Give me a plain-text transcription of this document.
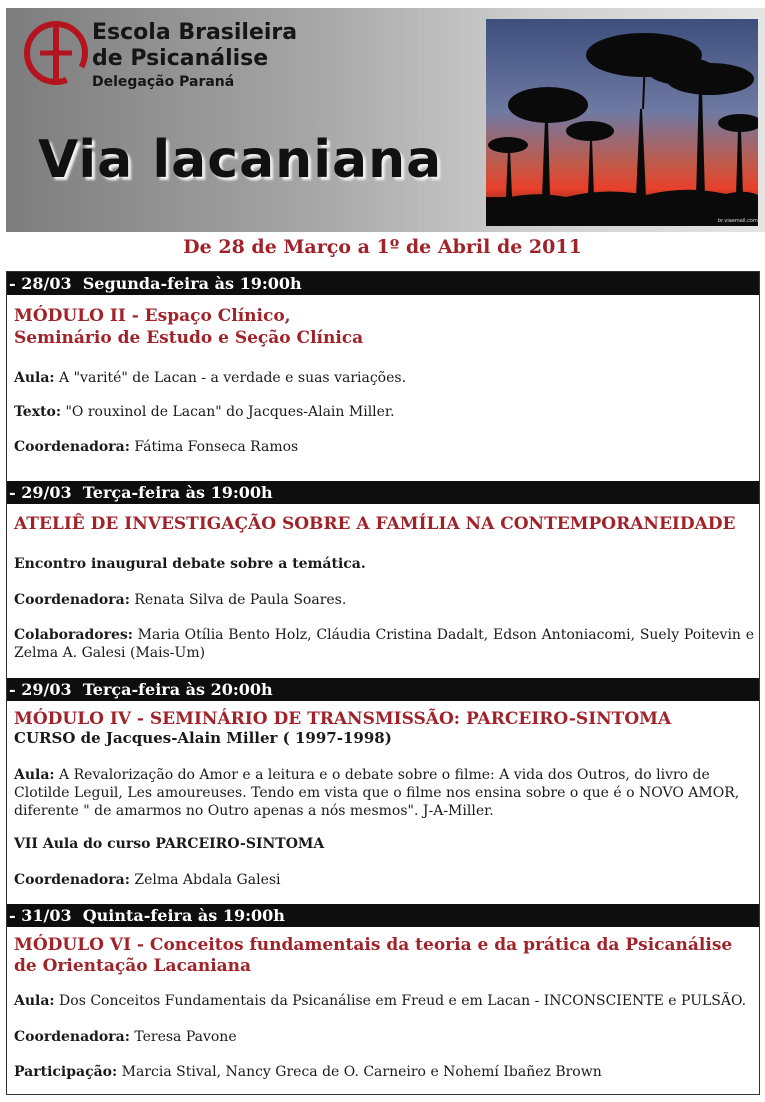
Escola Brasileira
de Psicanálise
Delegação Paraná
Via lacaniana
br.viaemail.com
De 28 de Março a 1º de Abril de 2011
- 28/03  Segunda-feira às 19:00h
MÓDULO II - Espaço Clínico,
Seminário de Estudo e Seção Clínica
Aula: A "varité" de Lacan - a verdade e suas variações.
Texto: "O rouxinol de Lacan" do Jacques-Alain Miller.
Coordenadora: Fátima Fonseca Ramos
- 29/03  Terça-feira às 19:00h
ATELIÊ DE INVESTIGAÇÃO SOBRE A FAMÍLIA NA CONTEMPORANEIDADE
Encontro inaugural debate sobre a temática.
Coordenadora: Renata Silva de Paula Soares.
Colaboradores: Maria Otília Bento Holz, Cláudia Cristina Dadalt, Edson Antoniacomi, Suely Poitevin e Zelma A. Galesi (Mais-Um)
- 29/03  Terça-feira às 20:00h
MÓDULO IV - SEMINÁRIO DE TRANSMISSÃO: PARCEIRO-SINTOMA
CURSO de Jacques-Alain Miller ( 1997-1998)
Aula: A Revalorização do Amor e a leitura e o debate sobre o filme: A vida dos Outros, do livro de Clotilde Leguil, Les amoureuses. Tendo em vista que o filme nos ensina sobre o que é o NOVO AMOR, diferente " de amarmos no Outro apenas a nós mesmos". J-A-Miller.
VII Aula do curso PARCEIRO-SINTOMA
Coordenadora: Zelma Abdala Galesi
- 31/03  Quinta-feira às 19:00h
MÓDULO VI - Conceitos fundamentais da teoria e da prática da Psicanálise de Orientação Lacaniana
Aula: Dos Conceitos Fundamentais da Psicanálise em Freud e em Lacan - INCONSCIENTE e PULSÃO.
Coordenadora: Teresa Pavone
Participação: Marcia Stival, Nancy Greca de O. Carneiro e Nohemí Ibañez Brown
